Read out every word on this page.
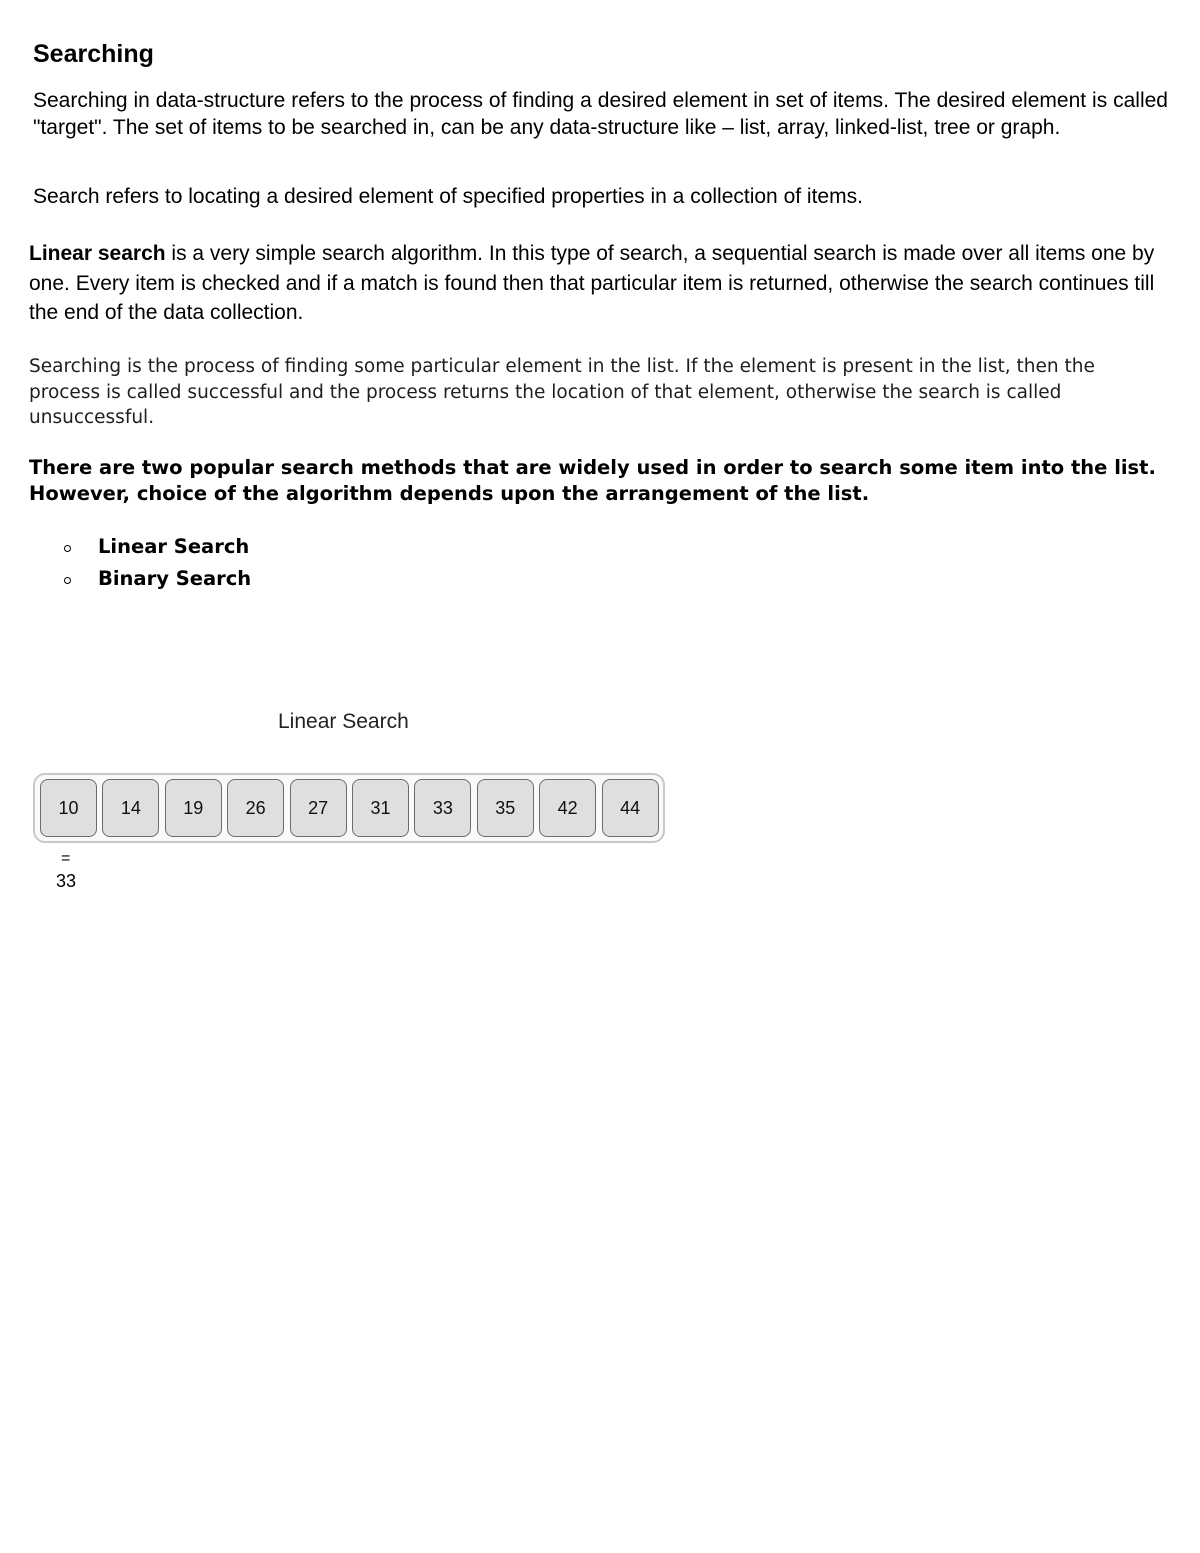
Searching

Searching in data-structure refers to the process of finding a desired element in set of items. The desired element is called "target". The set of items to be searched in, can be any data-structure like – list, array, linked-list, tree or graph.

Search refers to locating a desired element of specified properties in a collection of items.

Linear search is a very simple search algorithm. In this type of search, a sequential search is made over all items one by one. Every item is checked and if a match is found then that particular item is returned, otherwise the search continues till the end of the data collection.

Searching is the process of finding some particular element in the list. If the element is present in the list, then the process is called successful and the process returns the location of that element, otherwise the search is called unsuccessful.

There are two popular search methods that are widely used in order to search some item into the list. However, choice of the algorithm depends upon the arrangement of the list.

Linear Search
Binary Search
Linear Search
10	14	19	26	27	31	33	35	42	44
=
33
